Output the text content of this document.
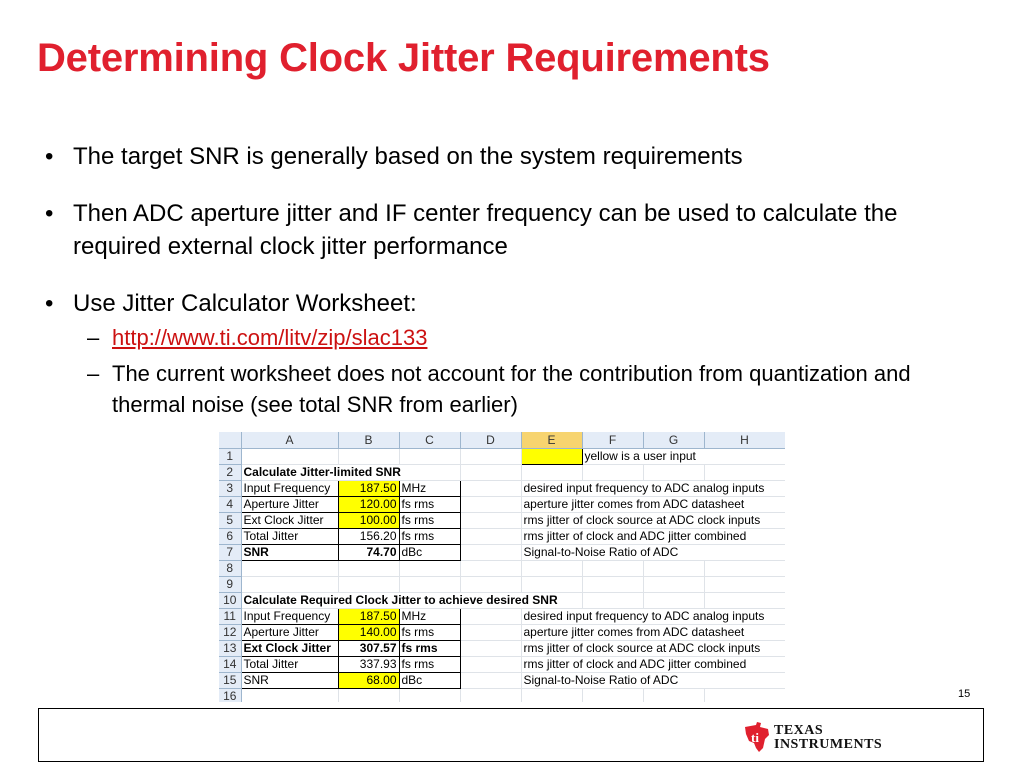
Determining Clock Jitter Requirements

• The target SNR is generally based on the system requirements

• Then ADC aperture jitter and IF center frequency can be used to calculate the required external clock jitter performance

• Use Jitter Calculator Worksheet:

– http://www.ti.com/litv/zip/slac133

– The current worksheet does not account for the contribution from quantization and thermal noise (see total SNR from earlier)

	A	B	C	D	E	F	G	H
1						yellow is a user input		
2	Calculate Jitter-limited SNR							
3	Input Frequency	187.50	MHz		desired input frequency to ADC analog inputs			
4	Aperture Jitter	120.00	fs rms		aperture jitter comes from ADC datasheet			
5	Ext Clock Jitter	100.00	fs rms		rms jitter of clock source at ADC clock inputs			
6	Total Jitter	156.20	fs rms		rms jitter of clock and ADC jitter combined			
7	SNR	74.70	dBc		Signal-to-Noise Ratio of ADC			
8								
9								
10	Calculate Required Clock Jitter to achieve desired SNR							
11	Input Frequency	187.50	MHz		desired input frequency to ADC analog inputs			
12	Aperture Jitter	140.00	fs rms		aperture jitter comes from ADC datasheet			
13	Ext Clock Jitter	307.57	fs rms		rms jitter of clock source at ADC clock inputs			
14	Total Jitter	337.93	fs rms		rms jitter of clock and ADC jitter combined			
15	SNR	68.00	dBc		Signal-to-Noise Ratio of ADC			
16									15
ti TEXAS
INSTRUMENTS
